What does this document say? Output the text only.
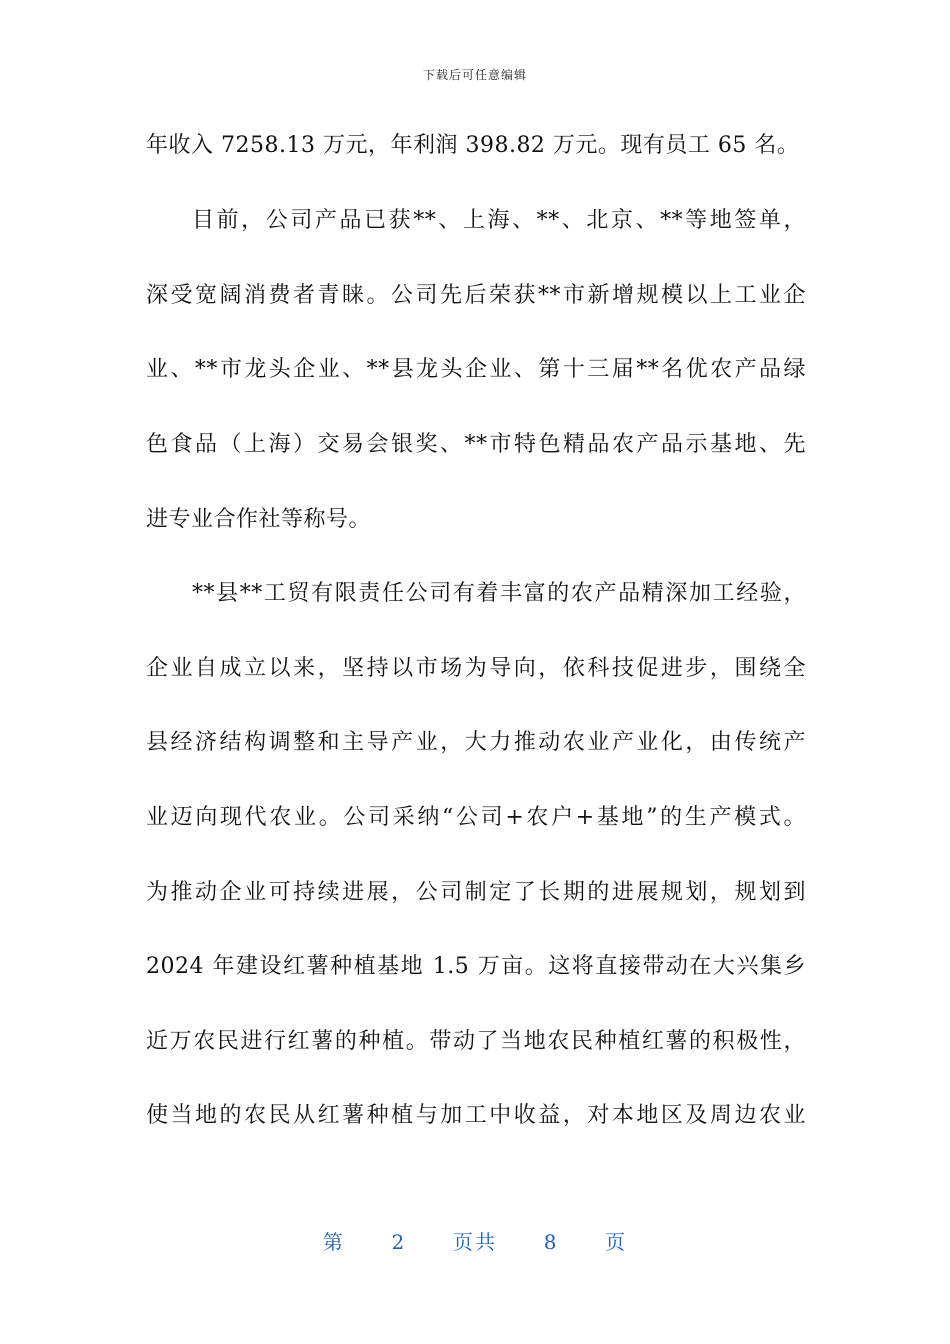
下载后可任意编辑
年收入 7258.13 万元，年利润 398.82 万元。现有员工 65 名。
目前，公司产品已获**、上海、**、北京、**等地签单，
深受宽阔消费者青睐。公司先后荣获**市新增规模以上工业企
业、**市龙头企业、**县龙头企业、第十三届**名优农产品绿
色食品（上海）交易会银奖、**市特色精品农产品示基地、先
进专业合作社等称号。
**县**工贸有限责任公司有着丰富的农产品精深加工经验，
企业自成立以来，坚持以市场为导向，依科技促进步，围绕全
县经济结构调整和主导产业，大力推动农业产业化，由传统产
业迈向现代农业。公司采纳“公司+农户+基地”的生产模式。
为推动企业可持续进展，公司制定了长期的进展规划，规划到
2024 年建设红薯种植基地 1.5 万亩。这将直接带动在大兴集乡
近万农民进行红薯的种植。带动了当地农民种植红薯的积极性，
使当地的农民从红薯种植与加工中收益，对本地区及周边农业
第 2 页共 8 页
